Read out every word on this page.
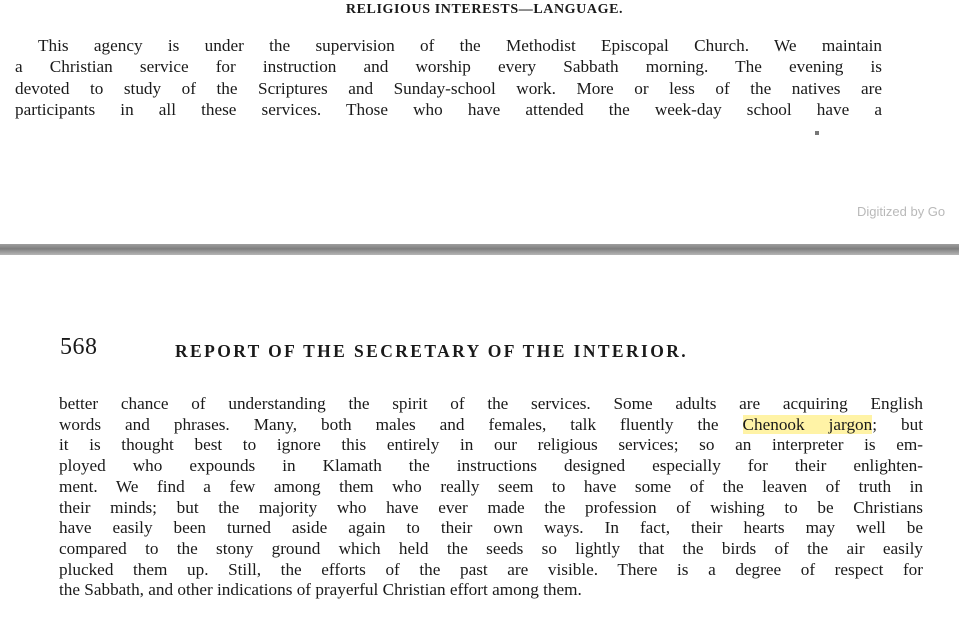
RELIGIOUS INTERESTS—LANGUAGE.

This agency is under the supervision of the Methodist Episcopal Church. We maintain
a Christian service for instruction and worship every Sabbath morning. The evening is
devoted to study of the Scriptures and Sunday-school work. More or less of the natives are
participants in all these services. Those who have attended the week-day school have a

Digitized by Go
568	REPORT OF THE SECRETARY OF THE INTERIOR.

better chance of understanding the spirit of the services. Some adults are acquiring English
words and phrases. Many, both males and females, talk fluently the Chenook jargon; but
it is thought best to ignore this entirely in our religious services; so an interpreter is em-
ployed who expounds in Klamath the instructions designed especially for their enlighten-
ment. We find a few among them who really seem to have some of the leaven of truth in
their minds; but the majority who have ever made the profession of wishing to be Christians
have easily been turned aside again to their own ways. In fact, their hearts may well be
compared to the stony ground which held the seeds so lightly that the birds of the air easily
plucked them up. Still, the efforts of the past are visible. There is a degree of respect for
the Sabbath, and other indications of prayerful Christian effort among them.
